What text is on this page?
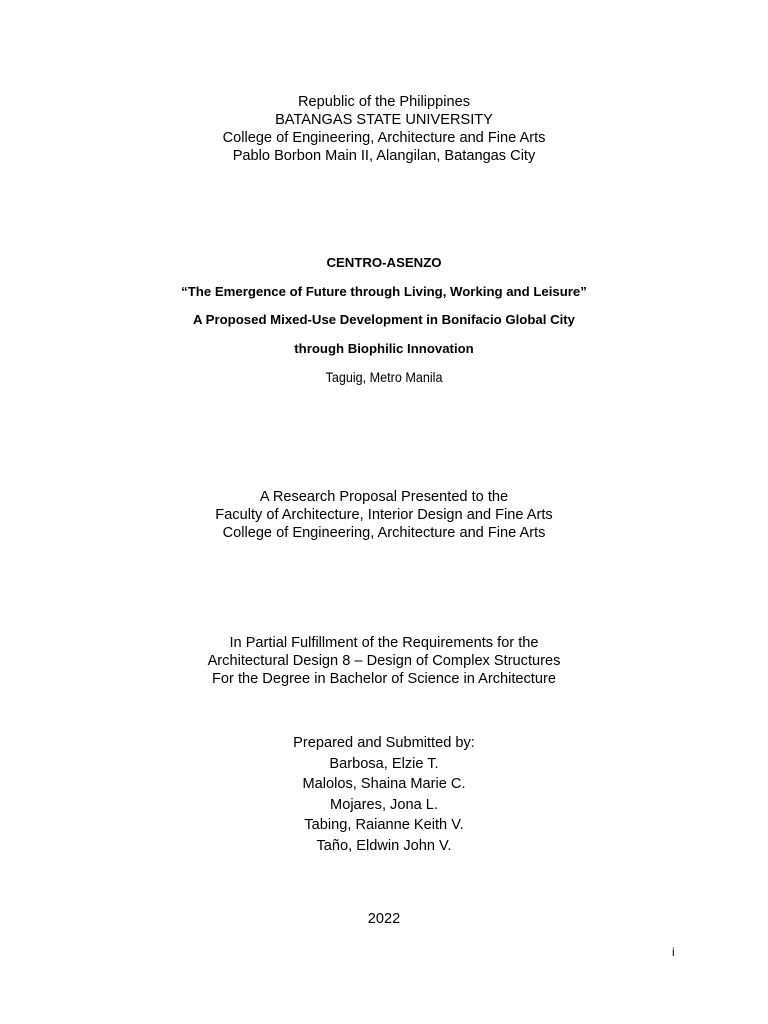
Republic of the Philippines
BATANGAS STATE UNIVERSITY
College of Engineering, Architecture and Fine Arts
Pablo Borbon Main II, Alangilan, Batangas City
CENTRO-ASENZO
“The Emergence of Future through Living, Working and Leisure”
A Proposed Mixed-Use Development in Bonifacio Global City
through Biophilic Innovation
Taguig, Metro Manila
A Research Proposal Presented to the
Faculty of Architecture, Interior Design and Fine Arts
College of Engineering, Architecture and Fine Arts
In Partial Fulfillment of the Requirements for the
Architectural Design 8 – Design of Complex Structures
For the Degree in Bachelor of Science in Architecture
Prepared and Submitted by:
Barbosa, Elzie T.
Malolos, Shaina Marie C.
Mojares, Jona L.
Tabing, Raianne Keith V.
Taño, Eldwin John V.
2022
i
